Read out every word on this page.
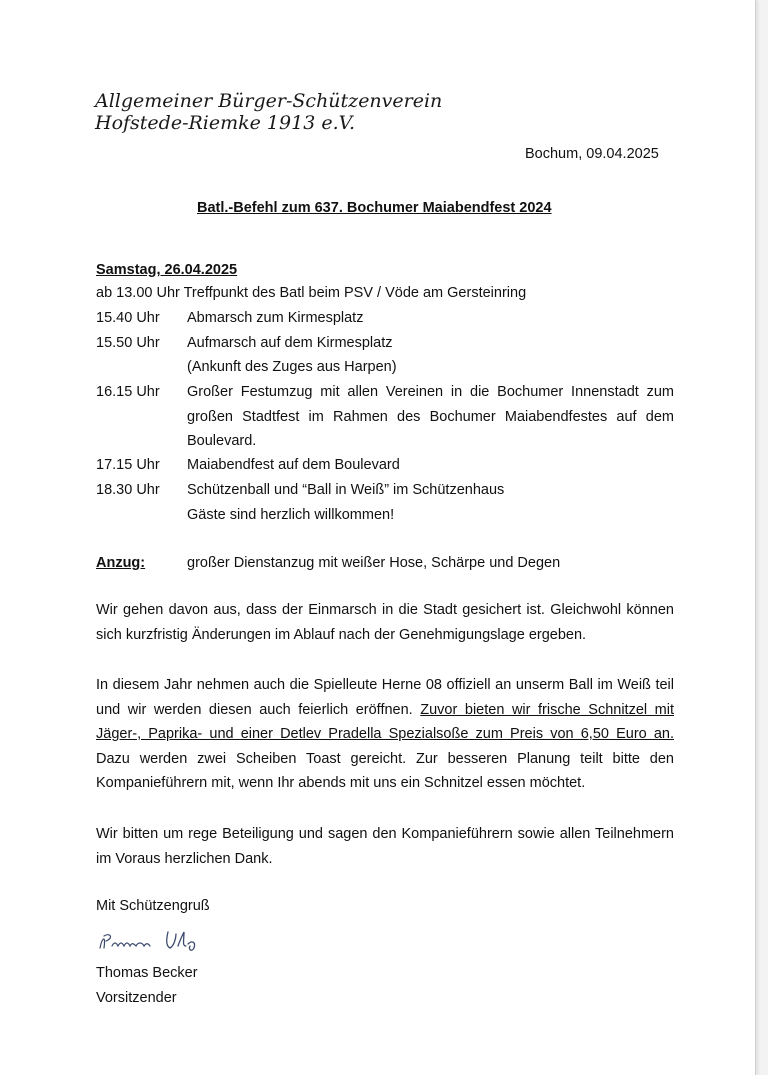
Allgemeiner Bürger-Schützenverein
Hofstede-Riemke 1913 e.V.
Bochum, 09.04.2025
Batl.-Befehl zum 637. Bochumer Maiabendfest 2024
Samstag, 26.04.2025
ab 13.00 Uhr Treffpunkt des Batl beim PSV / Vöde am Gersteinring
15.40 Uhr Abmarsch zum Kirmesplatz
15.50 Uhr Aufmarsch auf dem Kirmesplatz
(Ankunft des Zuges aus Harpen)
16.15 Uhr Großer Festumzug mit allen Vereinen in die Bochumer Innenstadt zum großen Stadtfest im Rahmen des Bochumer Maiabendfestes auf dem Boulevard.
17.15 Uhr Maiabendfest auf dem Boulevard
18.30 Uhr Schützenball und “Ball in Weiß” im Schützenhaus
Gäste sind herzlich willkommen!
Anzug:	großer Dienstanzug mit weißer Hose, Schärpe und Degen
Wir gehen davon aus, dass der Einmarsch in die Stadt gesichert ist. Gleichwohl können sich kurzfristig Änderungen im Ablauf nach der Genehmigungslage ergeben.
In diesem Jahr nehmen auch die Spielleute Herne 08 offiziell an unserm Ball im Weiß teil und wir werden diesen auch feierlich eröffnen. Zuvor bieten wir frische Schnitzel mit Jäger-, Paprika- und einer Detlev Pradella Spezialsoße zum Preis von 6,50 Euro an. Dazu werden zwei Scheiben Toast gereicht. Zur besseren Planung teilt bitte den Kompanieführern mit, wenn Ihr abends mit uns ein Schnitzel essen möchtet.
Wir bitten um rege Beteiligung und sagen den Kompanieführern sowie allen Teilnehmern im Voraus herzlichen Dank.
Mit Schützengruß
Thomas Becker
Vorsitzender
